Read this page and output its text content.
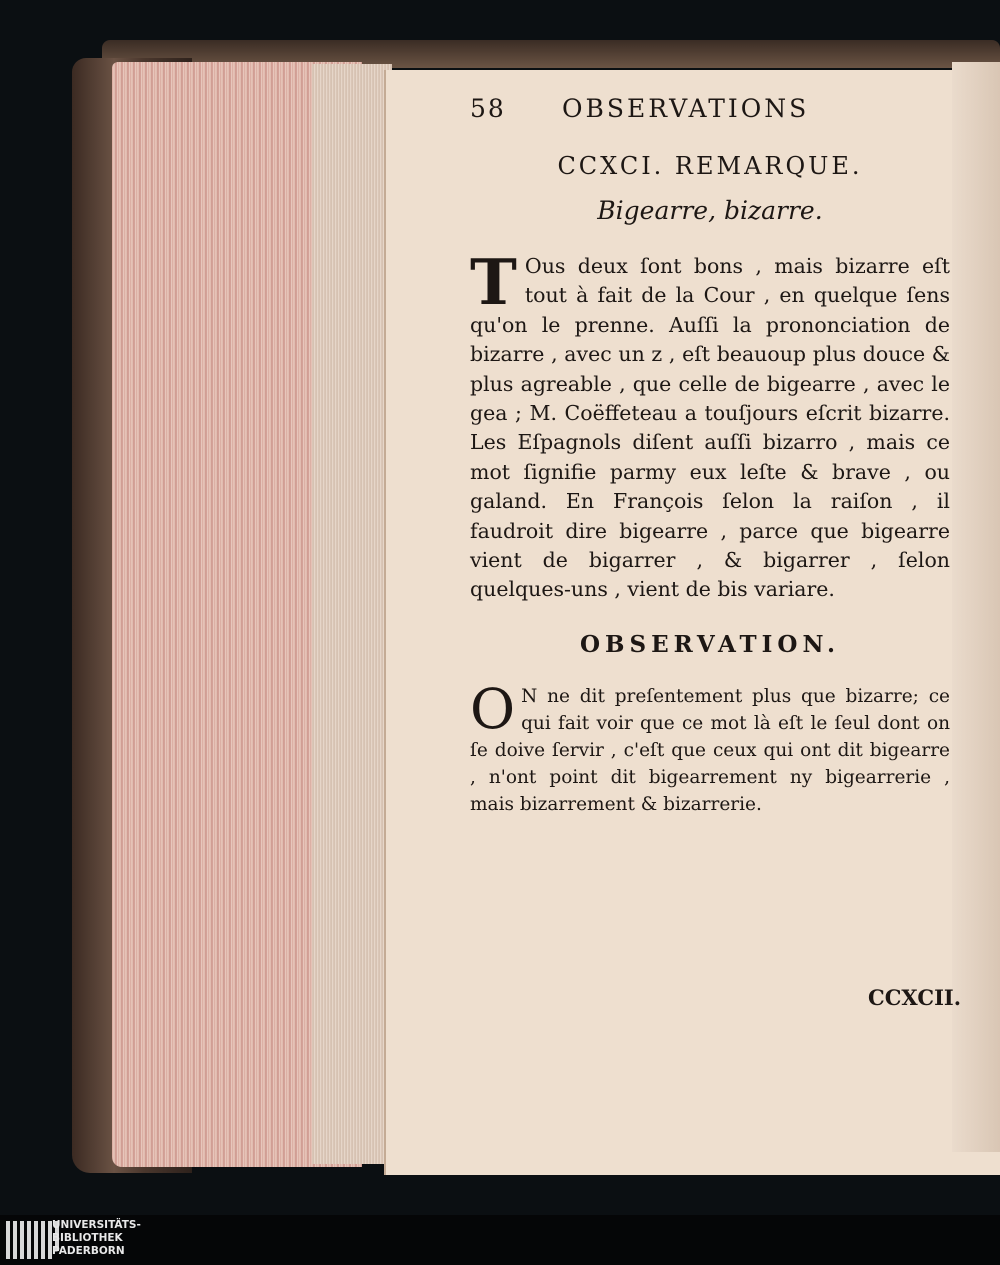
58 OBSERVATIONS
CCXCI. REMARQUE.
Bigearre, bizarre.
T Ous deux ſont bons , mais bizarre eſt tout à fait de la Cour , en quelque ſens qu'on le prenne. Auſſi la prononciation de bizarre , avec un z , eſt beauoup plus douce & plus agreable , que celle de bigearre , avec le gea ; M. Coëffeteau a touſjours eſcrit bizarre. Les Eſpagnols diſent auſſi bizarro , mais ce mot ſignifie parmy eux leſte & brave , ou galand. En François ſelon la raiſon , il faudroit dire bigearre , parce que bigearre vient de bigarrer , & bigarrer , ſelon quelques-uns , vient de bis variare.
OBSERVATION.
O N ne dit preſentement plus que bizarre; ce qui fait voir que ce mot là eſt le ſeul dont on ſe doive ſervir , c'eſt que ceux qui ont dit bigearre , n'ont point dit bigearrement ny bigearrerie , mais bizarrement & bizarrerie.
CCXCII.
UNIVERSITÄTS-
BIBLIOTHEK
PADERBORN
